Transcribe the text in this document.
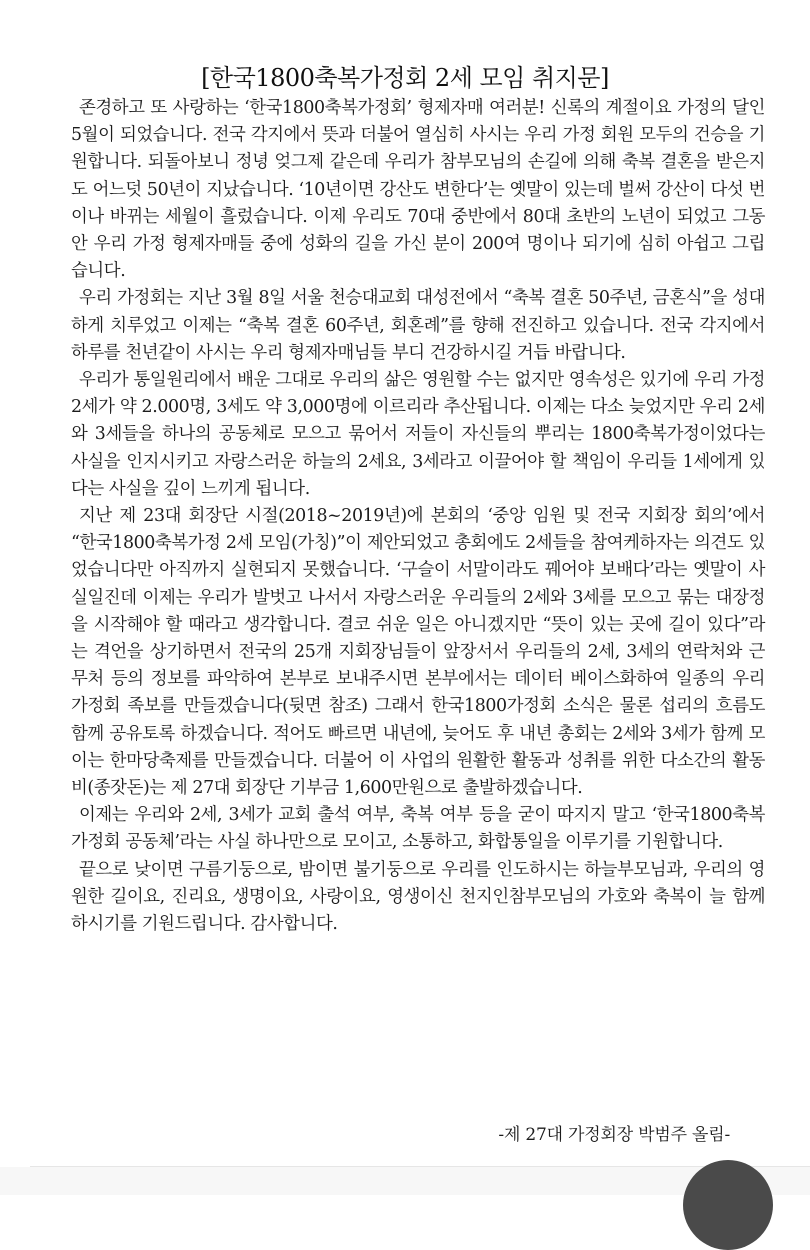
[한국1800축복가정회 2세 모임 취지문]

존경하고 또 사랑하는 ‘한국1800축복가정회’ 형제자매 여러분! 신록의 계절이요 가정의 달인 5월이 되었습니다. 전국 각지에서 뜻과 더불어 열심히 사시는 우리 가정 회원 모두의 건승을 기원합니다. 되돌아보니 정녕 엊그제 같은데 우리가 참부모님의 손길에 의해 축복 결혼을 받은지도 어느덧 50년이 지났습니다. ‘10년이면 강산도 변한다’는 옛말이 있는데 벌써 강산이 다섯 번이나 바뀌는 세월이 흘렀습니다. 이제 우리도 70대 중반에서 80대 초반의 노년이 되었고 그동안 우리 가정 형제자매들 중에 성화의 길을 가신 분이 200여 명이나 되기에 심히 아쉽고 그립습니다.

우리 가정회는 지난 3월 8일 서울 천승대교회 대성전에서 “축복 결혼 50주년, 금혼식”을 성대하게 치루었고 이제는 “축복 결혼 60주년, 회혼례”를 향해 전진하고 있습니다. 전국 각지에서 하루를 천년같이 사시는 우리 형제자매님들 부디 건강하시길 거듭 바랍니다.

우리가 통일원리에서 배운 그대로 우리의 삶은 영원할 수는 없지만 영속성은 있기에 우리 가정 2세가 약 2.000명, 3세도 약 3,000명에 이르리라 추산됩니다. 이제는 다소 늦었지만 우리 2세와 3세들을 하나의 공동체로 모으고 묶어서 저들이 자신들의 뿌리는 1800축복가정이었다는 사실을 인지시키고 자랑스러운 하늘의 2세요, 3세라고 이끌어야 할 책임이 우리들 1세에게 있다는 사실을 깊이 느끼게 됩니다.

지난 제 23대 회장단 시절(2018~2019년)에 본회의 ‘중앙 임원 및 전국 지회장 회의’에서 “한국1800축복가정 2세 모임(가칭)”이 제안되었고 총회에도 2세들을 참여케하자는 의견도 있었습니다만 아직까지 실현되지 못했습니다. ‘구슬이 서말이라도 꿰어야 보배다’라는 옛말이 사실일진데 이제는 우리가 발벗고 나서서 자랑스러운 우리들의 2세와 3세를 모으고 묶는 대장정을 시작해야 할 때라고 생각합니다. 결코 쉬운 일은 아니겠지만 “뜻이 있는 곳에 길이 있다”라는 격언을 상기하면서 전국의 25개 지회장님들이 앞장서서 우리들의 2세, 3세의 연락처와 근무처 등의 정보를 파악하여 본부로 보내주시면 본부에서는 데이터 베이스화하여 일종의 우리 가정회 족보를 만들겠습니다(뒷면 참조) 그래서 한국1800가정회 소식은 물론 섭리의 흐름도 함께 공유토록 하겠습니다. 적어도 빠르면 내년에, 늦어도 후 내년 총회는 2세와 3세가 함께 모이는 한마당축제를 만들겠습니다. 더불어 이 사업의 원활한 활동과 성취를 위한 다소간의 활동비(종잣돈)는 제 27대 회장단 기부금 1,600만원으로 출발하겠습니다.

이제는 우리와 2세, 3세가 교회 출석 여부, 축복 여부 등을 굳이 따지지 말고 ‘한국1800축복가정회 공동체’라는 사실 하나만으로 모이고, 소통하고, 화합통일을 이루기를 기원합니다.

끝으로 낮이면 구름기둥으로, 밤이면 불기둥으로 우리를 인도하시는 하늘부모님과, 우리의 영원한 길이요, 진리요, 생명이요, 사랑이요, 영생이신 천지인참부모님의 가호와 축복이 늘 함께하시기를 기원드립니다. 감사합니다.

-제 27대 가정회장 박범주 올림-
